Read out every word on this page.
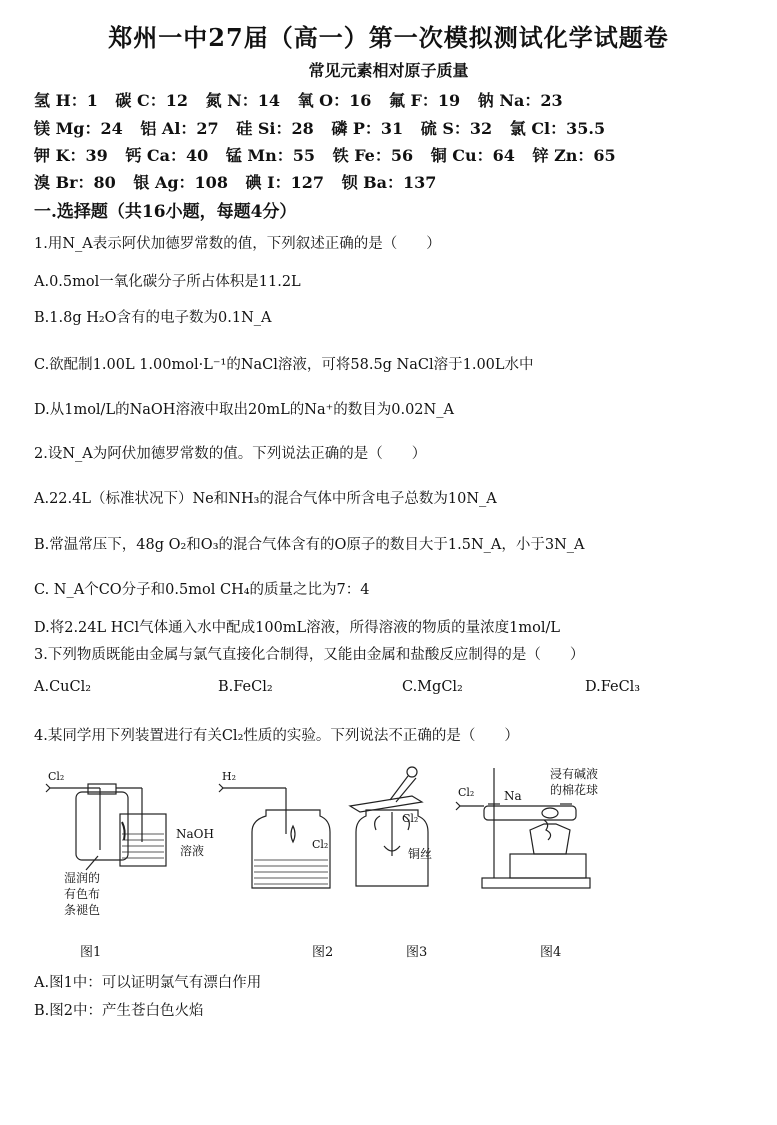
郑州一中27届（高一）第一次模拟测试化学试题卷
常见元素相对原子质量
氢 H：1 碳 C：12 氮 N：14 氧 O：16 氟 F：19 钠 Na：23
镁 Mg：24 铝 Al：27 硅 Si：28 磷 P：31 硫 S：32 氯 Cl：35.5
钾 K：39 钙 Ca：40 锰 Mn：55 铁 Fe：56 铜 Cu：64 锌 Zn：65
溴 Br：80 银 Ag：108 碘 I：127 钡 Ba：137
一.选择题（共16小题，每题4分）
1.用N_A表示阿伏加德罗常数的值，下列叙述正确的是（　　）
A.0.5mol一氧化碳分子所占体积是11.2L
B.1.8g H₂O含有的电子数为0.1N_A
C.欲配制1.00L 1.00mol·L⁻¹的NaCl溶液，可将58.5g NaCl溶于1.00L水中
D.从1mol/L的NaOH溶液中取出20mL的Na⁺的数目为0.02N_A
2.设N_A为阿伏加德罗常数的值。下列说法正确的是（　　）
A.22.4L（标准状况下）Ne和NH₃的混合气体中所含电子总数为10N_A
B.常温常压下，48g O₂和O₃的混合气体含有的O原子的数目大于1.5N_A，小于3N_A
C. N_A个CO分子和0.5mol CH₄的质量之比为7：4
D.将2.24L HCl气体通入水中配成100mL溶液，所得溶液的物质的量浓度1mol/L
3.下列物质既能由金属与氯气直接化合制得，又能由金属和盐酸反应制得的是（　　）
A.CuCl₂	B.FeCl₂	C.MgCl₂	D.FeCl₃
4.某同学用下列装置进行有关Cl₂性质的实验。下列说法不正确的是（　　）
Cl₂
NaOH
溶液
湿润的
有色布
条褪色
H₂
Cl₂
Cl₂
铜丝
Cl₂ Na
浸有碱液
的棉花球
图1	图2	图3	图4
A.图1中：可以证明氯气有漂白作用
B.图2中：产生苍白色火焰
